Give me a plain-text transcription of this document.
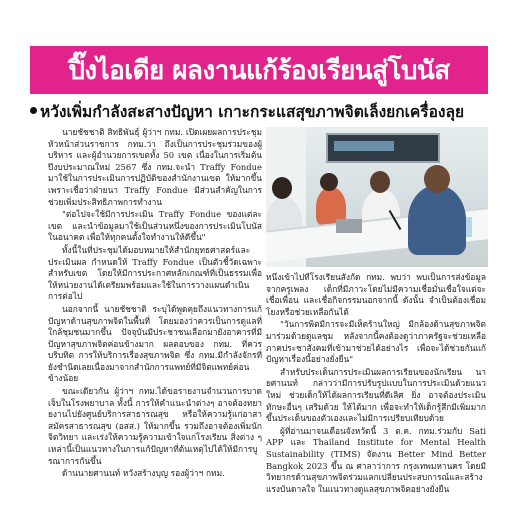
ปิ๊งไอเดีย ผลงานแก้ร้องเรียนสู่โบนัส
หวังเพิ่มกำลังสะสางปัญหา เกาะกระแสสุขภาพจิตเล็งยกเครื่องลุย

นายชัชชาติ สิทธิพันธุ์ ผู้ว่าฯ กทม. เปิดเผยผลการประชุมหัวหน้าส่วนราชการ กทม.ว่า ถึงเป็นการประชุมร่วมของผู้บริหาร และผู้อำนวยการเขตทั้ง 50 เขต เนื่องในการเริ่มต้นปีงบประมาณใหม่ 2567 ซึ่ง กทม.จะนำ Traffy Fondue มาใช้ในการประเมินการปฏิบัติของสำนักงานเขต ให้มากขึ้น เพราะเชื่อว่าฝ่ายนา Traffy Fondue มีส่วนสำคัญในการช่วยเพิ่มประสิทธิภาพการทำงาน

"ต่อไปจะใช้มีการประเมิน Traffy Fondue ของแต่ละเขต และนำข้อมูลมาใช้เป็นส่วนหนึ่งของการประเมินโบนัสในอนาคต เพื่อให้ทุกคนตั้งใจทำงานให้ดีขึ้น"

ทั้งนี้ในที่ประชุมได้มอบหมายให้สำนักยุทธศาสตร์และประเมินผล กำหนดให้ Traffy Fondue เป็นตัวชี้วัดเฉพาะสำหรับเขต โดยให้มีการประกาศหลักเกณฑ์ที่เป็นธรรมเพื่อให้หน่วยงานได้เตรียมพร้อมและใช้ในการวางแผนดำเนินการต่อไป

นอกจากนี้ นายชัชชาติ ระบุได้พูดคุยถึงแนวทางการแก้ปัญหาด้านสุขภาพจิตในพื้นที่ โดยมองว่าควรเป็นการดูแลที่ใกล้ชุมชนมากขึ้น ปัจจุบันมีประชาชนเลือกมายังอาคารที่มีปัญหาสุขภาพจิตค่อนข้างมาก ผลตอบของ กทม. ที่ควรบริบทิต การให้บริการเรื่องสุขภาพจิต ซึ่ง กทม.มีกำลังจักรที่ยังชำนิดเลยเนื่องมาจากสำนักการแพทย์ที่มีจิตแพทย์ค่อนข้างน้อย

ขณะเดียวกัน ผู้ว่าฯ กทม.ได้ขอรายงานจำนวนการบาดเจ็บในโรงพยาบาล ทั้งนี้ การให้คำแนะนำต่างๆ อาจต้องทยายงานไปยังศูนย์บริการสาธารณสุข หรือให้ความรู้แก่อาสาสมัครสาธารณสุข (อสส.) ให้มากขึ้น รวมถึงอาจต้องเพิ่มนักจิตวิทยา และเร่งให้ความรู้ความเข้าใจแก่โรงเรียน สิ่งต่าง ๆ เหล่านี้เป็นแนวทางในการแก้ปัญหาที่ต้นเหตุไปได้ให้มีการบูรณาการกันขึ้น

ด้านนายศานนท์ หวังสร้างบุญ รองผู้ว่าฯ กทม.

หนึ่งเข้าไปที่โรงเรียนสังกัด กทม. พบว่า พบเป็นการส่งข้อมูลจากครูเพลง เด็กที่มีภาวะโดยไม่มีความเชื่อมั่นเชื่อใจแต่จะเชื่อเพื่อน และเชื่อกิจกรรมนอกจากนี้ ดังนั้น จำเป็นต้องเชื่อมโยงหรือช่วยเหลือกันได้

"วันการพิตมีการจะมีเห็ดร้านใหญ่ มีกล้องด้านสุขภาพจิตมาร่วมด้วยดูแลชุม หลังจากนี้คงต้องดูว่าภาครัฐจะช่วยเหลือภาคประชาสังคมที่เข้ามาช่วยได้อย่างไร เพื่อจะได้ช่วยกันแก้ปัญหาเรื่องนี้อย่างยั่งยืน"

สำหรับประเด็นการประเมินผลการเรียนของนักเรียน นายศานนท์ กล่าวว่ามีการปรับรูปแบบในการประเมินด้วยแนวใหม่ ช่วยเด็กให้ได้ผลการเรียนที่ดีเลิศ ยิ่ง อาจต้องประเมินทักษะอื่นๆ เสริมด้วย ให้ได้มาก เพื่อจะทำให้เด็กรู้สึกมีเพิ่มมากขึ้นประเด็นของตัวเองและไม่มีการเปรียบเทียบด้วย

ผู้ที่อ่านมาจนเดือนจังหวัดนี้ 3 ต.ค. กทม.ร่วมกับ Sati APP และ Thailand Institute for Mental Health Sustainability (TIMS) จัดงาน Better Mind Better Bangkok 2023 ขึ้น ณ ศาลาว่าการ กรุงเทพมหานคร โดยมีวิทยากรด้านสุขภาพจิตร่วมแลกเปลี่ยนประสบการณ์และสร้างแรงบันดาลใจ ในแนวทางดูแลสุขภาพจิตอย่างยั่งยืน
